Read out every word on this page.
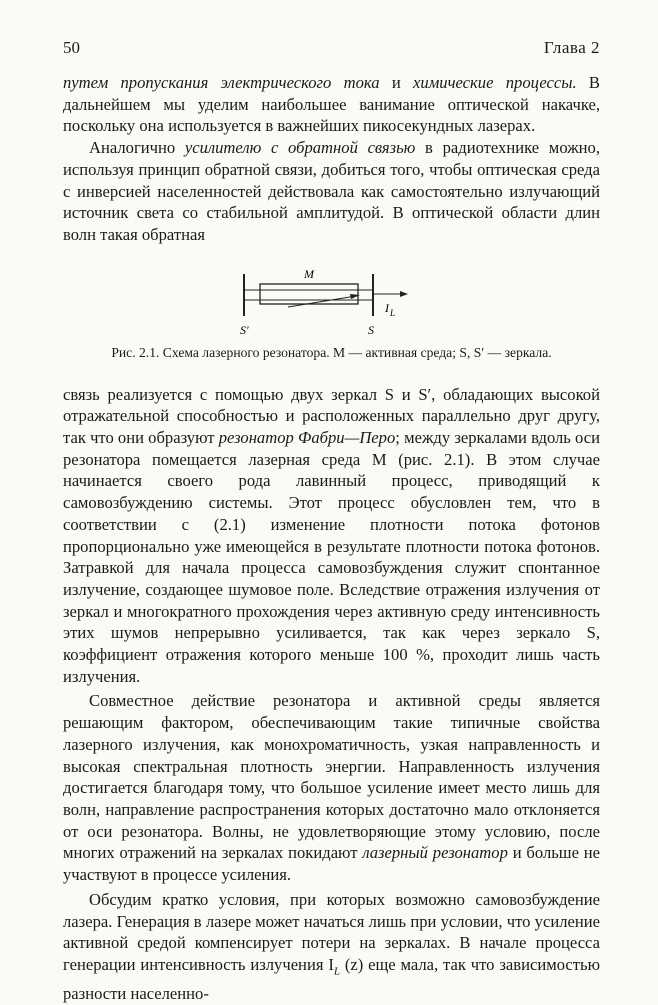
50	Глава 2

путем пропускания электрического тока и химические процессы. В дальнейшем мы уделим наибольшее ванимание оптической накачке, поскольку она используется в важнейших пикосекундных лазерах.

Аналогично усилителю с обратной связью в радиотехнике можно, используя принцип обратной связи, добиться того, чтобы оптическая среда с инверсией населенностей действовала как самостоятельно излучающий источник света со стабильной амплитудой. В оптической области длин волн такая обратная

M
S'	S
I L
Рис. 2.1. Схема лазерного резонатора. M — активная среда; S, S′ — зеркала.

связь реализуется с помощью двух зеркал S и S′, обладающих высокой отражательной способностью и расположенных параллельно друг другу, так что они образуют резонатор Фабри—Перо; между зеркалами вдоль оси резонатора помещается лазерная среда M (рис. 2.1). В этом случае начинается своего рода лавинный процесс, приводящий к самовозбуждению системы. Этот процесс обусловлен тем, что в соответствии с (2.1) изменение плотности потока фотонов пропорционально уже имеющейся в результате плотности потока фотонов. Затравкой для начала процесса самовозбуждения служит спонтанное излучение, создающее шумовое поле. Вследствие отражения излучения от зеркал и многократного прохождения через активную среду интенсивность этих шумов непрерывно усиливается, так как через зеркало S, коэффициент отражения которого меньше 100 %, проходит лишь часть излучения.

Совместное действие резонатора и активной среды является решающим фактором, обеспечивающим такие типичные свойства лазерного излучения, как монохроматичность, узкая направленность и высокая спектральная плотность энергии. Направленность излучения достигается благодаря тому, что большое усиление имеет место лишь для волн, направление распространения которых достаточно мало отклоняется от оси резонатора. Волны, не удовлетворяющие этому условию, после многих отражений на зеркалах покидают лазерный резонатор и больше не участвуют в процессе усиления.

Обсудим кратко условия, при которых возможно самовозбуждение лазера. Генерация в лазере может начаться лишь при условии, что усиление активной средой компенсирует потери на зеркалах. В начале процесса генерации интенсивность излучения $I_L$ (z) еще мала, так что зависимостью разности населенно-
